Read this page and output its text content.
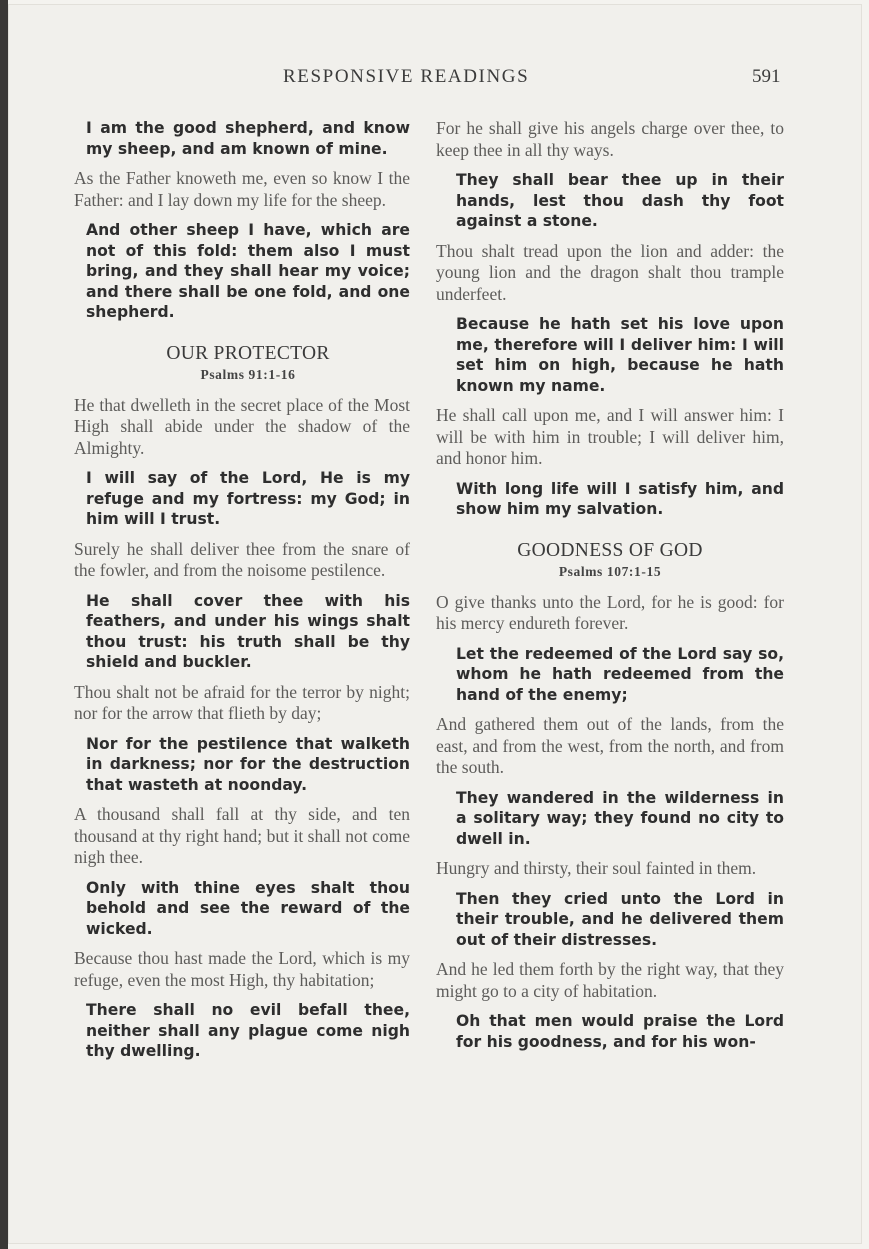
RESPONSIVE READINGS	591

I am the good shepherd, and know my sheep, and am known of mine.

As the Father knoweth me, even so know I the Father: and I lay down my life for the sheep.

And other sheep I have, which are not of this fold: them also I must bring, and they shall hear my voice; and there shall be one fold, and one shepherd.

OUR PROTECTOR
Psalms 91:1-16

He that dwelleth in the secret place of the Most High shall abide under the shadow of the Almighty.

I will say of the Lord, He is my refuge and my fortress: my God; in him will I trust.

Surely he shall deliver thee from the snare of the fowler, and from the noisome pestilence.

He shall cover thee with his feathers, and under his wings shalt thou trust: his truth shall be thy shield and buckler.

Thou shalt not be afraid for the terror by night; nor for the arrow that flieth by day;

Nor for the pestilence that walketh in darkness; nor for the destruction that wasteth at noonday.

A thousand shall fall at thy side, and ten thousand at thy right hand; but it shall not come nigh thee.

Only with thine eyes shalt thou behold and see the reward of the wicked.

Because thou hast made the Lord, which is my refuge, even the most High, thy habitation;

There shall no evil befall thee, neither shall any plague come nigh thy dwelling.

For he shall give his angels charge over thee, to keep thee in all thy ways.

They shall bear thee up in their hands, lest thou dash thy foot against a stone.

Thou shalt tread upon the lion and adder: the young lion and the dragon shalt thou trample underfeet.

Because he hath set his love upon me, therefore will I deliver him: I will set him on high, because he hath known my name.

He shall call upon me, and I will answer him: I will be with him in trouble; I will deliver him, and honor him.

With long life will I satisfy him, and show him my salvation.

GOODNESS OF GOD
Psalms 107:1-15

O give thanks unto the Lord, for he is good: for his mercy endureth forever.

Let the redeemed of the Lord say so, whom he hath redeemed from the hand of the enemy;

And gathered them out of the lands, from the east, and from the west, from the north, and from the south.

They wandered in the wilderness in a solitary way; they found no city to dwell in.

Hungry and thirsty, their soul fainted in them.

Then they cried unto the Lord in their trouble, and he delivered them out of their distresses.

And he led them forth by the right way, that they might go to a city of habitation.

Oh that men would praise the Lord for his goodness, and for his won-
